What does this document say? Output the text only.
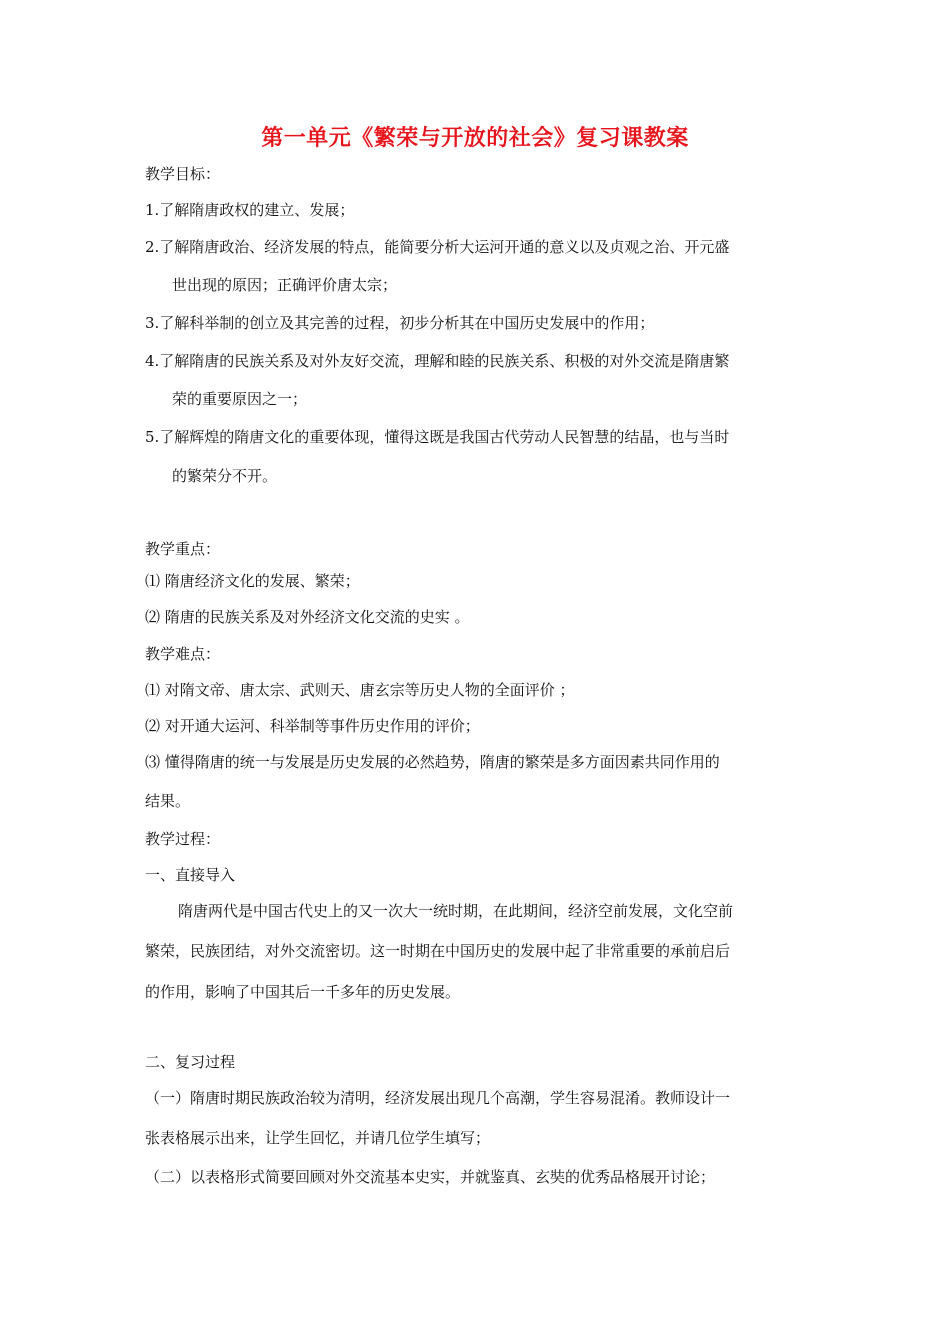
第一单元《繁荣与开放的社会》复习课教案
教学目标：
1.了解隋唐政权的建立、发展；
2.了解隋唐政治、经济发展的特点，能简要分析大运河开通的意义以及贞观之治、开元盛
世出现的原因；正确评价唐太宗；
3.了解科举制的创立及其完善的过程，初步分析其在中国历史发展中的作用；
4.了解隋唐的民族关系及对外友好交流，理解和睦的民族关系、积极的对外交流是隋唐繁
荣的重要原因之一；
5.了解辉煌的隋唐文化的重要体现，懂得这既是我国古代劳动人民智慧的结晶，也与当时
的繁荣分不开。
教学重点：
⑴ 隋唐经济文化的发展、繁荣；
⑵ 隋唐的民族关系及对外经济文化交流的史实 。
教学难点：
⑴ 对隋文帝、唐太宗、武则天、唐玄宗等历史人物的全面评价 ；
⑵ 对开通大运河、科举制等事件历史作用的评价；
⑶ 懂得隋唐的统一与发展是历史发展的必然趋势，隋唐的繁荣是多方面因素共同作用的
结果。
教学过程：
一、直接导入
隋唐两代是中国古代史上的又一次大一统时期，在此期间，经济空前发展，文化空前
繁荣，民族团结，对外交流密切。这一时期在中国历史的发展中起了非常重要的承前启后
的作用，影响了中国其后一千多年的历史发展。
二、复习过程
（一）隋唐时期民族政治较为清明，经济发展出现几个高潮，学生容易混淆。教师设计一
张表格展示出来，让学生回忆，并请几位学生填写；
（二）以表格形式简要回顾对外交流基本史实，并就鉴真、玄奘的优秀品格展开讨论；
